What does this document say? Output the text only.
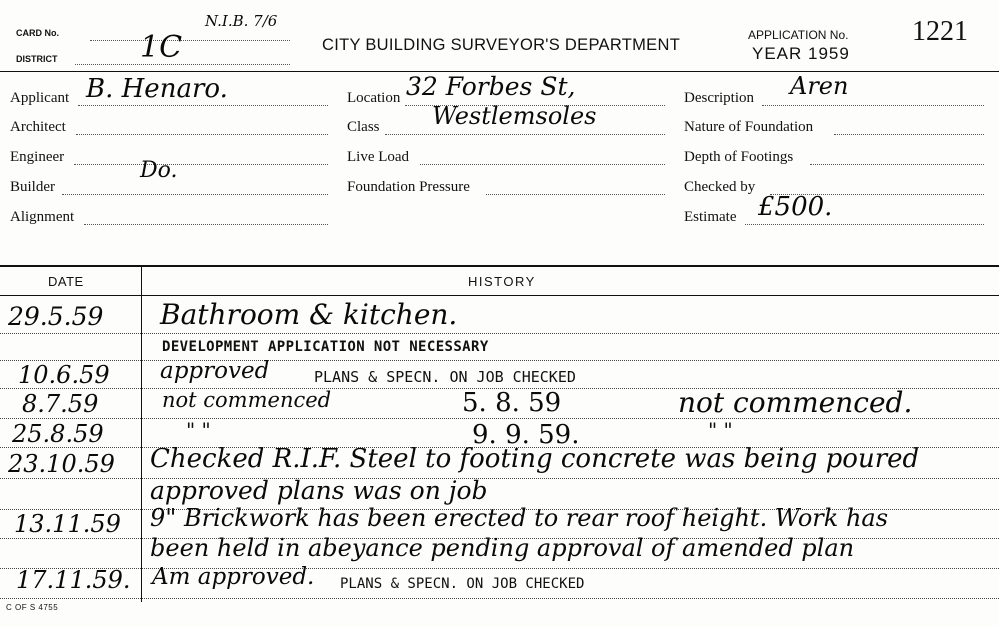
CARD No.
DISTRICT	1C
N.I.B. 7/6
CITY BUILDING SURVEYOR'S DEPARTMENT
APPLICATION No. 1221
YEAR 1959
Applicant B. Henaro.
Architect
Engineer
Do.
Builder
Alignment
Location 32 Forbes St,
Class Westlemsoles
Live Load
Foundation Pressure
Description Aren
Nature of Foundation
Depth of Footings
Checked by
Estimate £500.
DATE	HISTORY
29.5.59 Bathroom & kitchen.
DEVELOPMENT APPLICATION NOT NECESSARY
10.6.59 approved	PLANS & SPECN. ON JOB CHECKED
8.7.59	not commenced	5. 8. 59	not commenced.
25.8.59	" "	9. 9. 59.	" "
23.10.59 Checked R.I.F. Steel to footing concrete was being poured
approved plans was on job
13.11.59 9" Brickwork has been erected to rear roof height. Work has
been held in abeyance pending approval of amended plan
17.11.59. Am approved. PLANS & SPECN. ON JOB CHECKED
C OF S 4755
